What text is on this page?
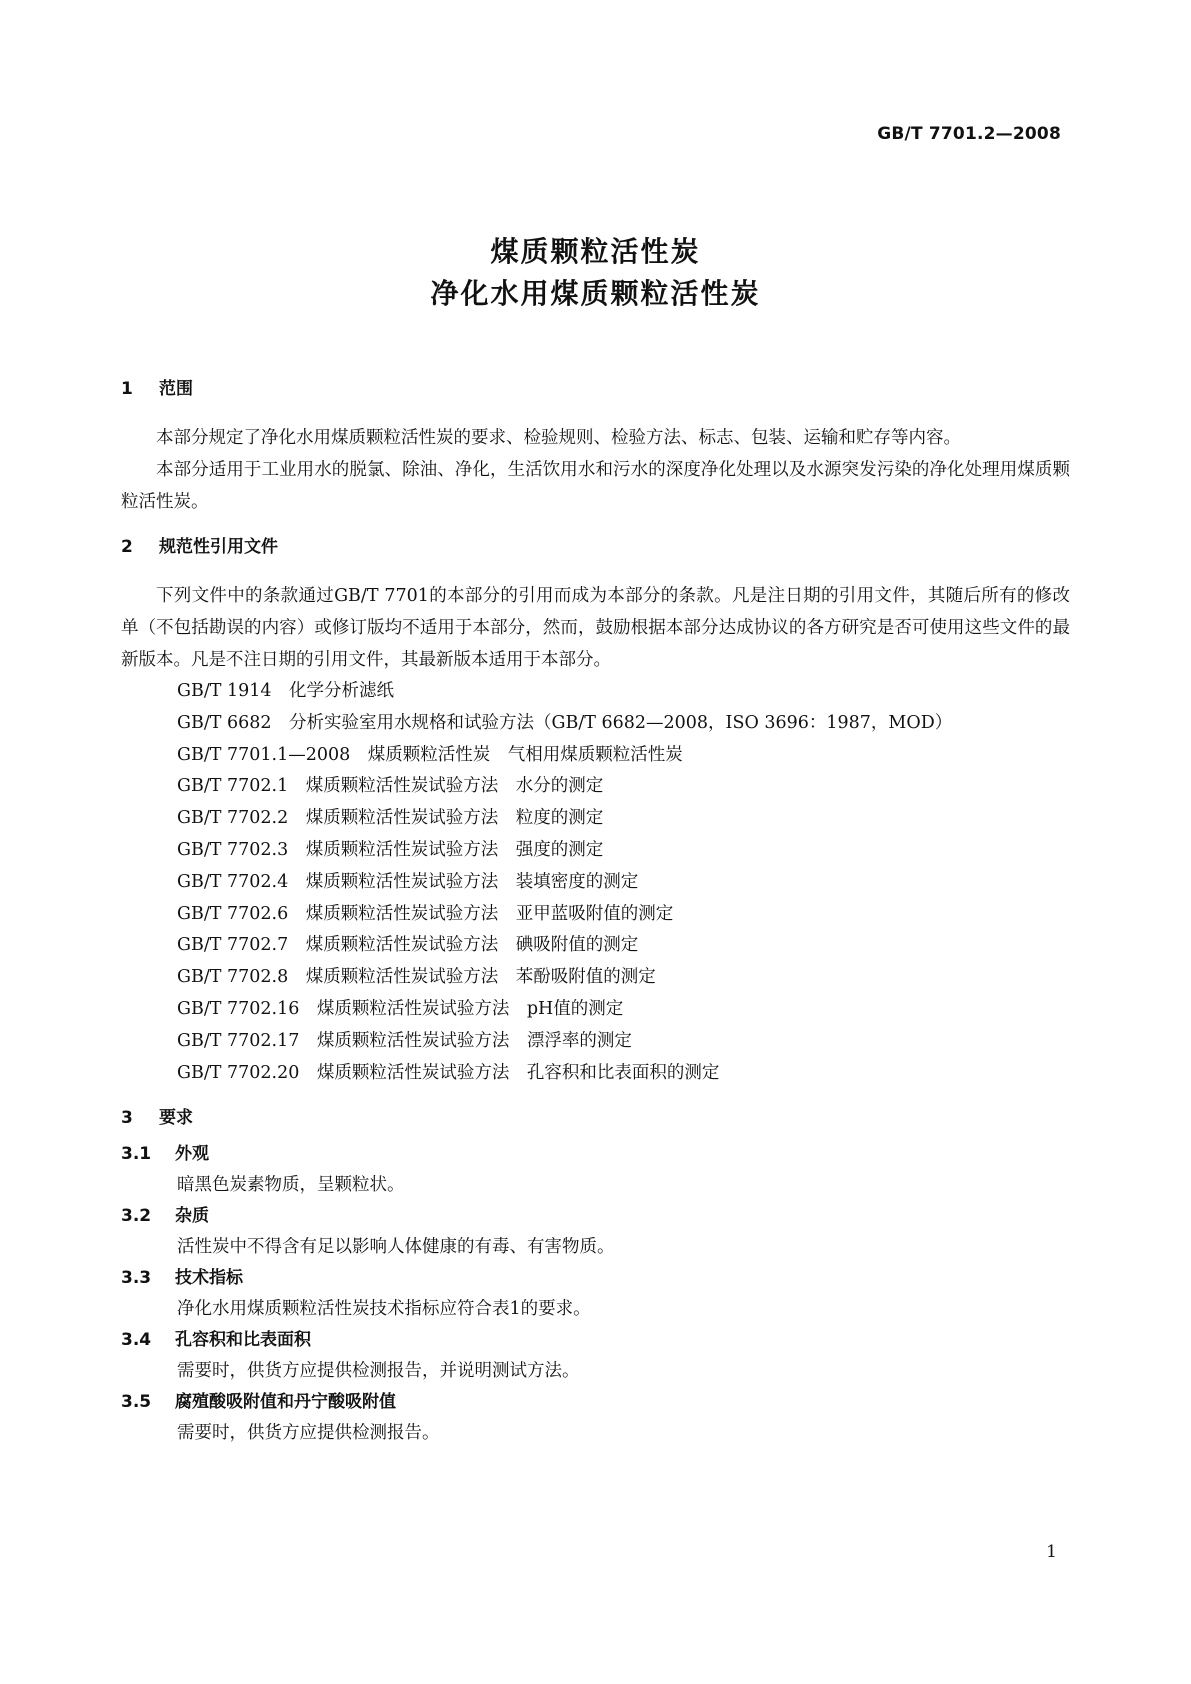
GB/T 7701.2—2008
煤质颗粒活性炭
净化水用煤质颗粒活性炭
1	范围
本部分规定了净化水用煤质颗粒活性炭的要求、检验规则、检验方法、标志、包装、运输和贮存等内容。
本部分适用于工业用水的脱氯、除油、净化，生活饮用水和污水的深度净化处理以及水源突发污染的净化处理用煤质颗粒活性炭。
2	规范性引用文件
下列文件中的条款通过GB/T 7701的本部分的引用而成为本部分的条款。凡是注日期的引用文件，其随后所有的修改单（不包括勘误的内容）或修订版均不适用于本部分，然而，鼓励根据本部分达成协议的各方研究是否可使用这些文件的最新版本。凡是不注日期的引用文件，其最新版本适用于本部分。
GB/T 1914　化学分析滤纸
GB/T 6682　分析实验室用水规格和试验方法（GB/T 6682—2008，ISO 3696：1987，MOD）
GB/T 7701.1—2008　煤质颗粒活性炭　气相用煤质颗粒活性炭
GB/T 7702.1　煤质颗粒活性炭试验方法　水分的测定
GB/T 7702.2　煤质颗粒活性炭试验方法　粒度的测定
GB/T 7702.3　煤质颗粒活性炭试验方法　强度的测定
GB/T 7702.4　煤质颗粒活性炭试验方法　装填密度的测定
GB/T 7702.6　煤质颗粒活性炭试验方法　亚甲蓝吸附值的测定
GB/T 7702.7　煤质颗粒活性炭试验方法　碘吸附值的测定
GB/T 7702.8　煤质颗粒活性炭试验方法　苯酚吸附值的测定
GB/T 7702.16　煤质颗粒活性炭试验方法　pH值的测定
GB/T 7702.17　煤质颗粒活性炭试验方法　漂浮率的测定
GB/T 7702.20　煤质颗粒活性炭试验方法　孔容积和比表面积的测定
3	要求
3.1	外观
暗黑色炭素物质，呈颗粒状。
3.2	杂质
活性炭中不得含有足以影响人体健康的有毒、有害物质。
3.3	技术指标
净化水用煤质颗粒活性炭技术指标应符合表1的要求。
3.4	孔容积和比表面积
需要时，供货方应提供检测报告，并说明测试方法。
3.5	腐殖酸吸附值和丹宁酸吸附值
需要时，供货方应提供检测报告。
1
